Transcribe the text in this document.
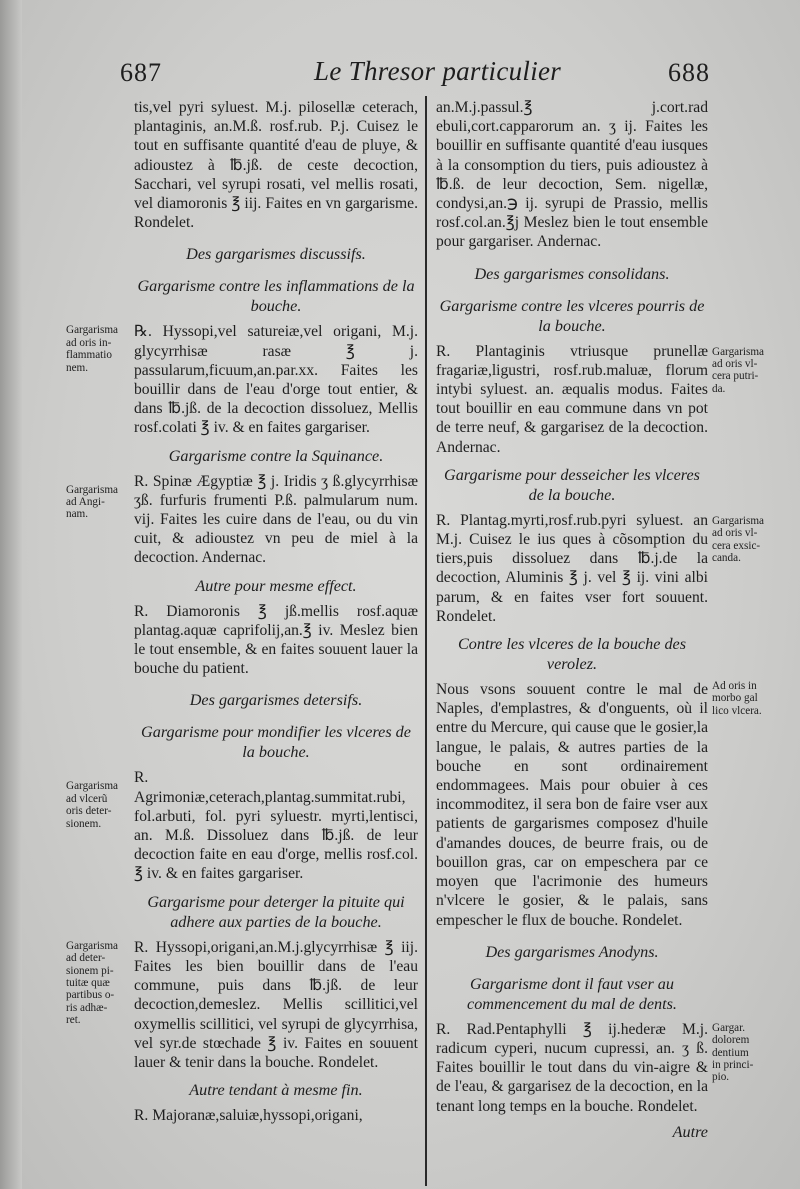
687	Le Thresor particulier	688

tis,vel pyri syluest. M.j. pilosellæ ceterach, plantaginis, an.M.ß. rosf.rub. P.j. Cuisez le tout en suffisante quantité d'eau de pluye, & adioustez à ℔.jß. de ceste decoction, Sacchari, vel syrupi rosati, vel mellis rosati, vel diamoronis ℥ iij. Faites en vn gargarisme. Rondelet.

Des gargarismes discussifs.

Gargarisme contre les inflammations de la bouche.

Gargarisma
ad oris in-
flammatio
nem.

℞. Hyssopi,vel satureiæ,vel origani, M.j. glycyrrhisæ rasæ ℥ j. passularum,ficuum,an.par.xx. Faites les bouillir dans de l'eau d'orge tout entier, & dans ℔.jß. de la decoction dissoluez, Mellis rosf.colati ℥ iv. & en faites gargariser.

Gargarisme contre la Squinance.

Gargarisma
ad Angi-
nam.

R. Spinæ Ægyptiæ ℥ j. Iridis ʒ ß.glycyrrhisæ ʒß. furfuris frumenti P.ß. palmularum num. vij. Faites les cuire dans de l'eau, ou du vin cuit, & adioustez vn peu de miel à la decoction. Andernac.

Autre pour mesme effect.

R. Diamoronis ℥ jß.mellis rosf.aquæ plantag.aquæ caprifolij,an.℥ iv. Meslez bien le tout ensemble, & en faites souuent lauer la bouche du patient.

Des gargarismes detersifs.

Gargarisme pour mondifier les vlceres de la bouche.

Gargarisma
ad vlcerũ
oris deter-
sionem.

R. Agrimoniæ,ceterach,plantag.summitat.rubi, fol.arbuti, fol. pyri syluestr. myrti,lentisci, an. M.ß. Dissoluez dans ℔.jß. de leur decoction faite en eau d'orge, mellis rosf.col. ℥ iv. & en faites gargariser.

Gargarisme pour deterger la pituite qui adhere aux parties de la bouche.

Gargarisma
ad deter-
sionem pi-
tuitæ quæ
partibus o-
ris adhæ-
ret.

R. Hyssopi,origani,an.M.j.glycyrrhisæ ℥ iij. Faites les bien bouillir dans de l'eau commune, puis dans ℔.jß. de leur decoction,demeslez. Mellis scillitici,vel oxymellis scillitici, vel syrupi de glycyrrhisa, vel syr.de stœchade ℥ iv. Faites en souuent lauer & tenir dans la bouche. Rondelet.

Autre tendant à mesme fin.

R. Majoranæ,saluiæ,hyssopi,origani,

an.M.j.passul.℥ j.cort.rad ebuli,cort.capparorum an. ʒ ij. Faites les bouillir en suffisante quantité d'eau iusques à la consomption du tiers, puis adioustez à ℔.ß. de leur decoction, Sem. nigellæ, condysi,an.℈ ij. syrupi de Prassio, mellis rosf.col.an.℥j Meslez bien le tout ensemble pour gargariser. Andernac.

Des gargarismes consolidans.

Gargarisme contre les vlceres pourris de la bouche.

Gargarisma
ad oris vl-
cera putri-
da.

R. Plantaginis vtriusque prunellæ fragariæ,ligustri, rosf.rub.maluæ, florum intybi syluest. an. æqualis modus. Faites tout bouillir en eau commune dans vn pot de terre neuf, & gargarisez de la decoction. Andernac.

Gargarisme pour desseicher les vlceres de la bouche.

Gargarisma
ad oris vl-
cera exsic-
canda.

R. Plantag.myrti,rosf.rub.pyri syluest. an M.j. Cuisez le ius ques à cõsomption du tiers,puis dissoluez dans ℔.j.de la decoction, Aluminis ℥ j. vel ℥ ij. vini albi parum, & en faites vser fort souuent. Rondelet.

Contre les vlceres de la bouche des verolez.

Ad oris in
morbo gal
lico vlcera.

Nous vsons souuent contre le mal de Naples, d'emplastres, & d'onguents, où il entre du Mercure, qui cause que le gosier,la langue, le palais, & autres parties de la bouche en sont ordinairement endommagees. Mais pour obuier à ces incommoditez, il sera bon de faire vser aux patients de gargarismes composez d'huile d'amandes douces, de beurre frais, ou de bouillon gras, car on empeschera par ce moyen que l'acrimonie des humeurs n'vlcere le gosier, & le palais, sans empescher le flux de bouche. Rondelet.

Des gargarismes Anodyns.

Gargarisme dont il faut vser au commencement du mal de dents.

Gargar.
dolorem
dentium
in princi-
pio.

R. Rad.Pentaphylli ℥ ij.hederæ M.j. radicum cyperi, nucum cupressi, an. ʒ ß. Faites bouillir le tout dans du vin-aigre & de l'eau, & gargarisez de la decoction, en la tenant long temps en la bouche. Rondelet.

Autre
